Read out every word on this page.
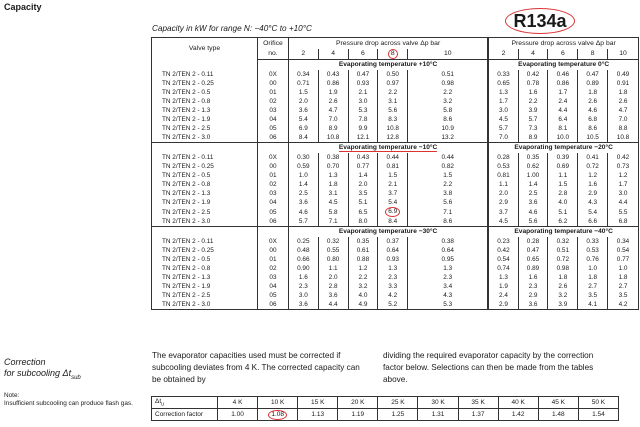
Capacity
Capacity in kW for range N: −40°C to +10°C	R134a
Valve type	Orifice	Pressure drop across valve Δp bar					Pressure drop across valve Δp bar				
	no.	2	4	6	8	10	2	4	6	8	10
		Evaporating temperature +10°C					Evaporating temperature 0°C				
TN 2/TEN 2 - 0.11	0X	0.34	0.43	0.47	0.50	0.51	0.33	0.42	0.46	0.47	0.49
TN 2/TEN 2 - 0.25	00	0.71	0.86	0.93	0.97	0.98	0.65	0.78	0.86	0.89	0.91
TN 2/TEN 2 - 0.5	01	1.5	1.9	2.1	2.2	2.2	1.3	1.6	1.7	1.8	1.8
TN 2/TEN 2 - 0.8	02	2.0	2.6	3.0	3.1	3.2	1.7	2.2	2.4	2.6	2.6
TN 2/TEN 2 - 1.3	03	3.6	4.7	5.3	5.6	5.8	3.0	3.9	4.4	4.6	4.7
TN 2/TEN 2 - 1.9	04	5.4	7.0	7.8	8.3	8.6	4.5	5.7	6.4	6.8	7.0
TN 2/TEN 2 - 2.5	05	6.9	8.9	9.9	10.8	10.9	5.7	7.3	8.1	8.6	8.8
TN 2/TEN 2 - 3.0	06	8.4	10.8	12.1	12.8	13.2	7.0	8.9	10.0	10.5	10.8
		Evaporating temperature −10°C					Evaporating temperature −20°C				
TN 2/TEN 2 - 0.11	0X	0.30	0.38	0.43	0.44	0.44	0.28	0.35	0.39	0.41	0.42
TN 2/TEN 2 - 0.25	00	0.59	0.70	0.77	0.81	0.82	0.53	0.62	0.69	0.72	0.73
TN 2/TEN 2 - 0.5	01	1.0	1.3	1.4	1.5	1.5	0.81	1.00	1.1	1.2	1.2
TN 2/TEN 2 - 0.8	02	1.4	1.8	2.0	2.1	2.2	1.1	1.4	1.5	1.6	1.7
TN 2/TEN 2 - 1.3	03	2.5	3.1	3.5	3.7	3.8	2.0	2.5	2.8	2.9	3.0
TN 2/TEN 2 - 1.9	04	3.6	4.5	5.1	5.4	5.6	2.9	3.6	4.0	4.3	4.4
TN 2/TEN 2 - 2.5	05	4.6	5.8	6.5	6.9	7.1	3.7	4.6	5.1	5.4	5.5
TN 2/TEN 2 - 3.0	06	5.7	7.1	8.0	8.4	8.6	4.5	5.6	6.2	6.6	6.8
		Evaporating temperature −30°C					Evaporating temperature −40°C				
TN 2/TEN 2 - 0.11	0X	0.25	0.32	0.35	0.37	0.38	0.23	0.28	0.32	0.33	0.34
TN 2/TEN 2 - 0.25	00	0.48	0.55	0.61	0.64	0.64	0.42	0.47	0.51	0.53	0.54
TN 2/TEN 2 - 0.5	01	0.66	0.80	0.88	0.93	0.95	0.54	0.65	0.72	0.76	0.77
TN 2/TEN 2 - 0.8	02	0.90	1.1	1.2	1.3	1.3	0.74	0.89	0.98	1.0	1.0
TN 2/TEN 2 - 1.3	03	1.6	2.0	2.2	2.3	2.3	1.3	1.6	1.8	1.8	1.8
TN 2/TEN 2 - 1.9	04	2.3	2.8	3.2	3.3	3.4	1.9	2.3	2.6	2.7	2.7
TN 2/TEN 2 - 2.5	05	3.0	3.6	4.0	4.2	4.3	2.4	2.9	3.2	3.5	3.5
TN 2/TEN 2 - 3.0	06	3.6	4.4	4.9	5.2	5.3	2.9	3.6	3.9	4.1	4.2
Correction
for subcooling $\Delta t_{sub}$
Note:
Insufficient subcooling can produce flash gas.
The evaporator capacities used must be corrected if subcooling deviates from 4 K. The corrected capacity can be obtained by
dividing the required evaporator capacity by the correction factor below. Selections can then be made from the tables above.
$\Delta t_u$	4 K	10 K	15 K	20 K	25 K	30 K	35 K	40 K	45 K	50 K
Correction factor	1.00	1.08	1.13	1.19	1.25	1.31	1.37	1.42	1.48	1.54
